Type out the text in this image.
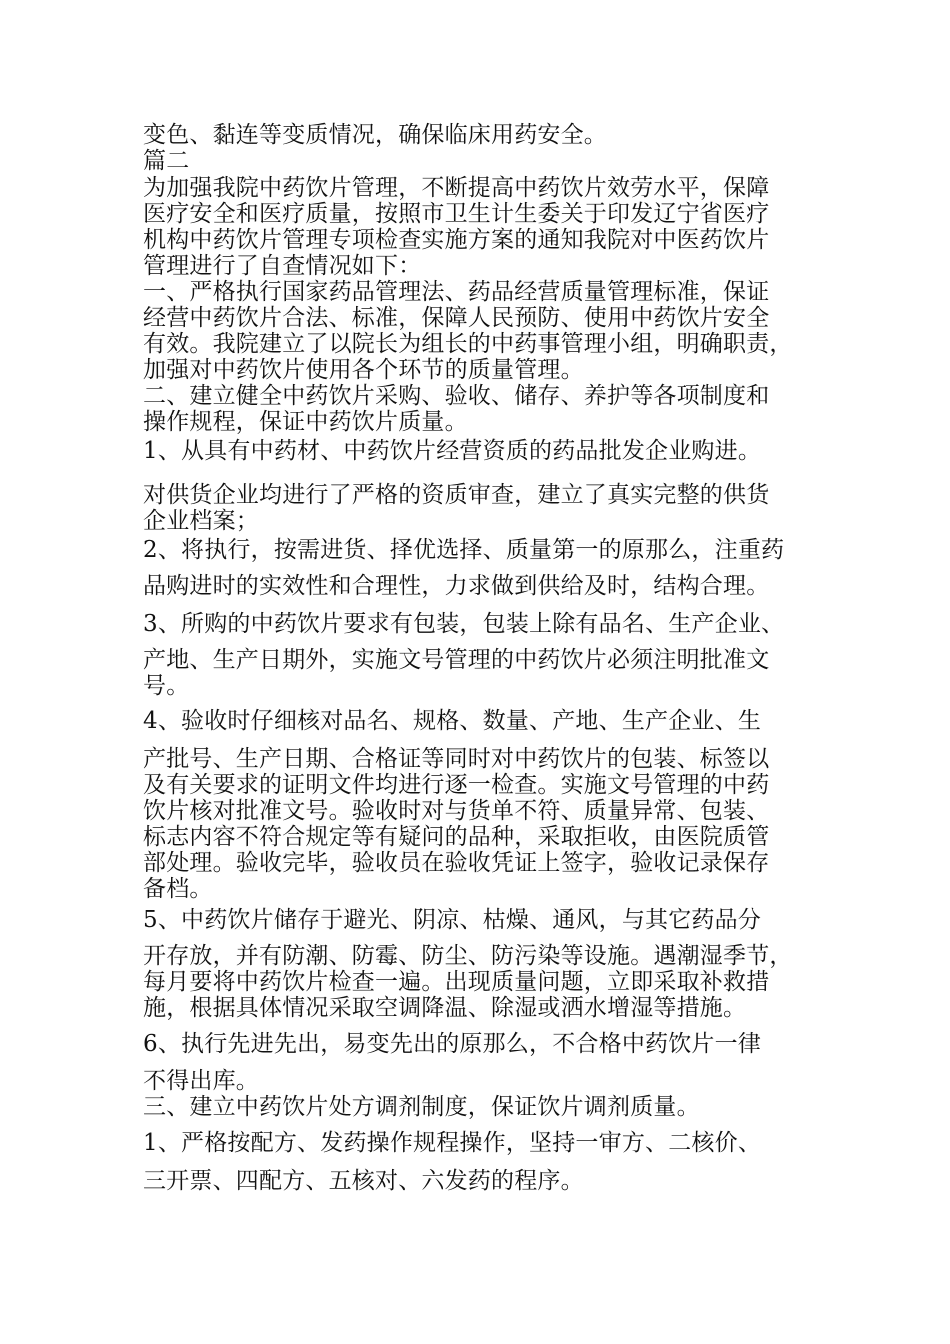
变色、黏连等变质情况，确保临床用药安全。
篇二
为加强我院中药饮片管理，不断提高中药饮片效劳水平，保障
医疗安全和医疗质量，按照市卫生计生委关于印发辽宁省医疗
机构中药饮片管理专项检查实施方案的通知我院对中医药饮片
管理进行了自查情况如下：
一、严格执行国家药品管理法、药品经营质量管理标准，保证
经营中药饮片合法、标准，保障人民预防、使用中药饮片安全
有效。我院建立了以院长为组长的中药事管理小组，明确职责，
加强对中药饮片使用各个环节的质量管理。
二、建立健全中药饮片采购、验收、储存、养护等各项制度和
操作规程，保证中药饮片质量。
1、从具有中药材、中药饮片经营资质的药品批发企业购进。
对供货企业均进行了严格的资质审查，建立了真实完整的供货
企业档案；
2、将执行，按需进货、择优选择、质量第一的原那么，注重药
品购进时的实效性和合理性，力求做到供给及时，结构合理。
3、所购的中药饮片要求有包装，包装上除有品名、生产企业、
产地、生产日期外，实施文号管理的中药饮片必须注明批准文
号。
4、验收时仔细核对品名、规格、数量、产地、生产企业、生
产批号、生产日期、合格证等同时对中药饮片的包装、标签以
及有关要求的证明文件均进行逐一检查。实施文号管理的中药
饮片核对批准文号。验收时对与货单不符、质量异常、包装、
标志内容不符合规定等有疑问的品种，采取拒收，由医院质管
部处理。验收完毕，验收员在验收凭证上签字，验收记录保存
备档。
5、中药饮片储存于避光、阴凉、枯燥、通风，与其它药品分
开存放，并有防潮、防霉、防尘、防污染等设施。遇潮湿季节，
每月要将中药饮片检查一遍。出现质量问题，立即采取补救措
施，根据具体情况采取空调降温、除湿或洒水增湿等措施。
6、执行先进先出，易变先出的原那么，不合格中药饮片一律
不得出库。
三、建立中药饮片处方调剂制度，保证饮片调剂质量。
1、严格按配方、发药操作规程操作，坚持一审方、二核价、
三开票、四配方、五核对、六发药的程序。
